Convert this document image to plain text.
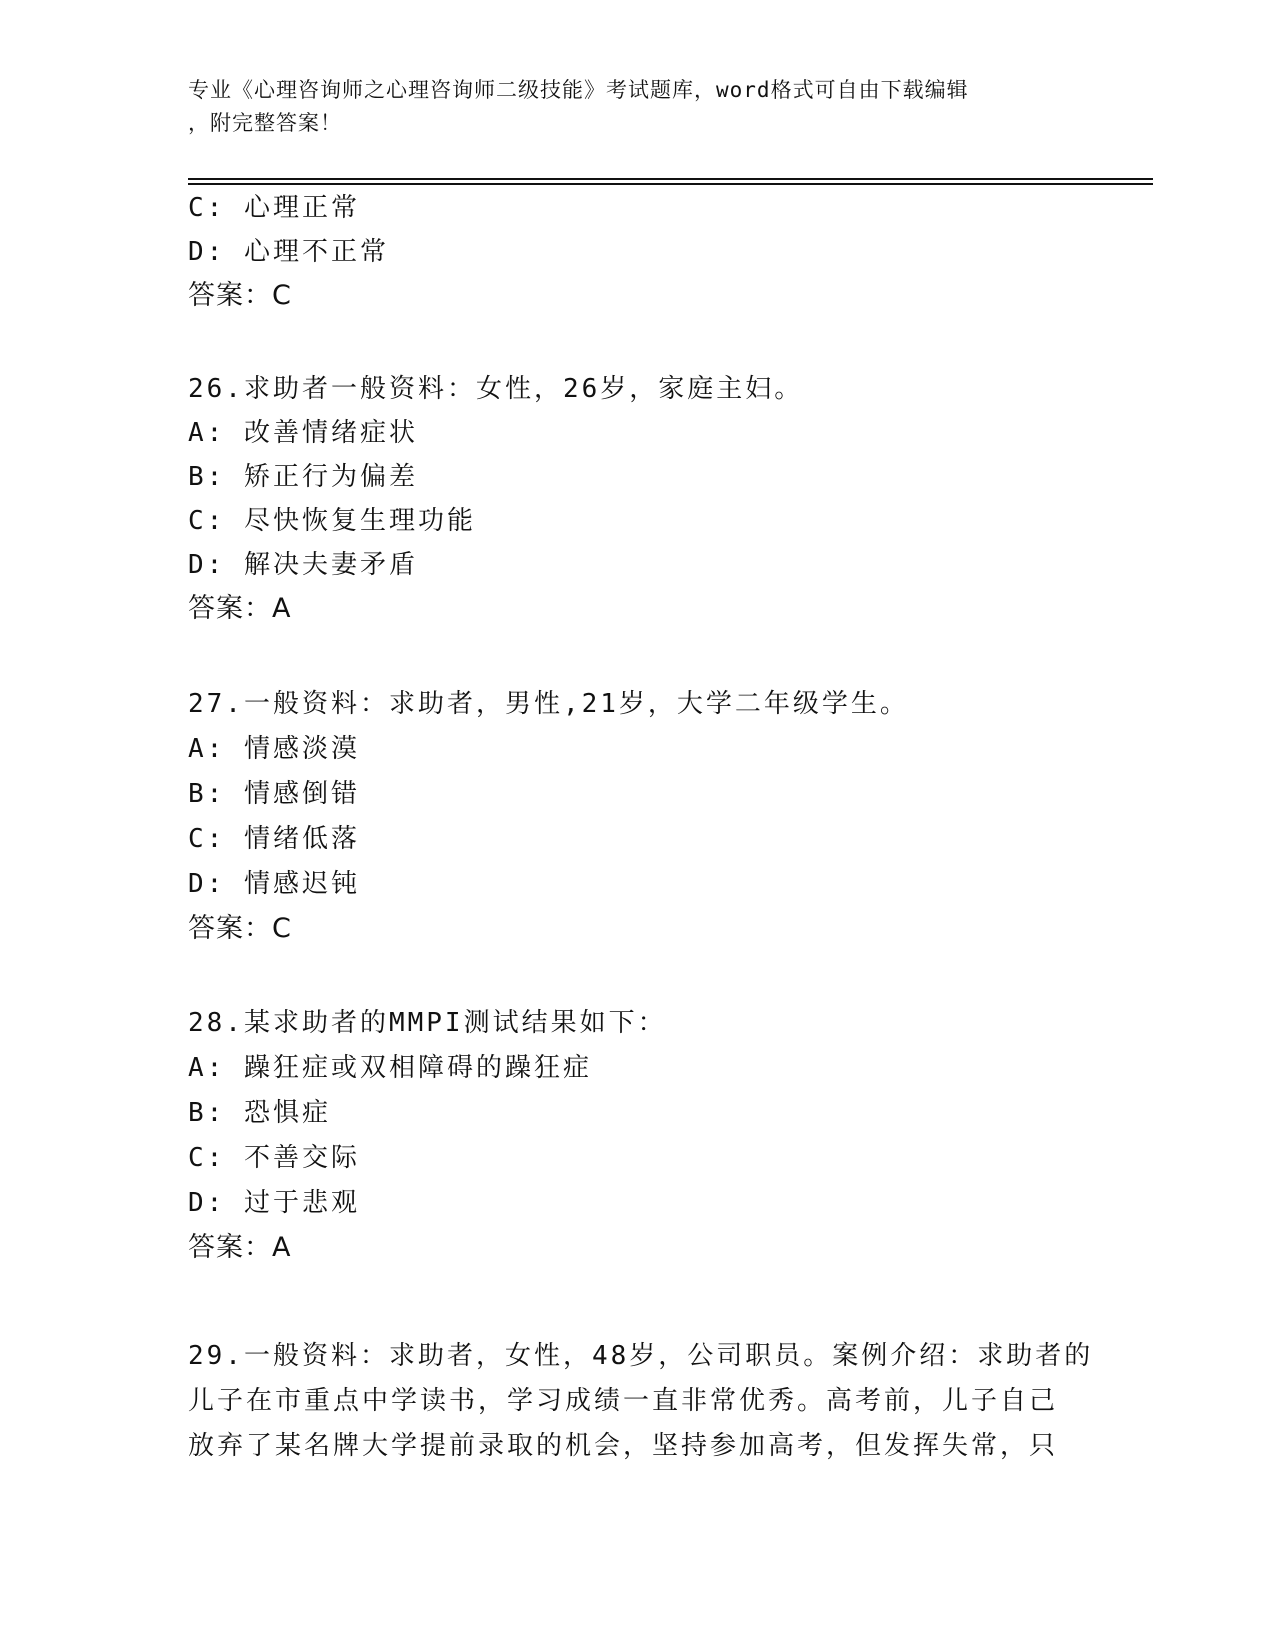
专业《心理咨询师之心理咨询师二级技能》考试题库，word格式可自由下载编辑
，附完整答案！

C: 心理正常

D: 心理不正常

答案：C

26.求助者一般资料：女性，26岁，家庭主妇。

A: 改善情绪症状

B: 矫正行为偏差

C: 尽快恢复生理功能

D: 解决夫妻矛盾

答案：A

27.一般资料：求助者，男性,21岁，大学二年级学生。

A: 情感淡漠

B: 情感倒错

C: 情绪低落

D: 情感迟钝

答案：C

28.某求助者的MMPI测试结果如下：

A: 躁狂症或双相障碍的躁狂症

B: 恐惧症

C: 不善交际

D: 过于悲观

答案：A

29.一般资料：求助者，女性，48岁，公司职员。案例介绍：求助者的
儿子在市重点中学读书，学习成绩一直非常优秀。高考前，儿子自己
放弃了某名牌大学提前录取的机会，坚持参加高考，但发挥失常，只
